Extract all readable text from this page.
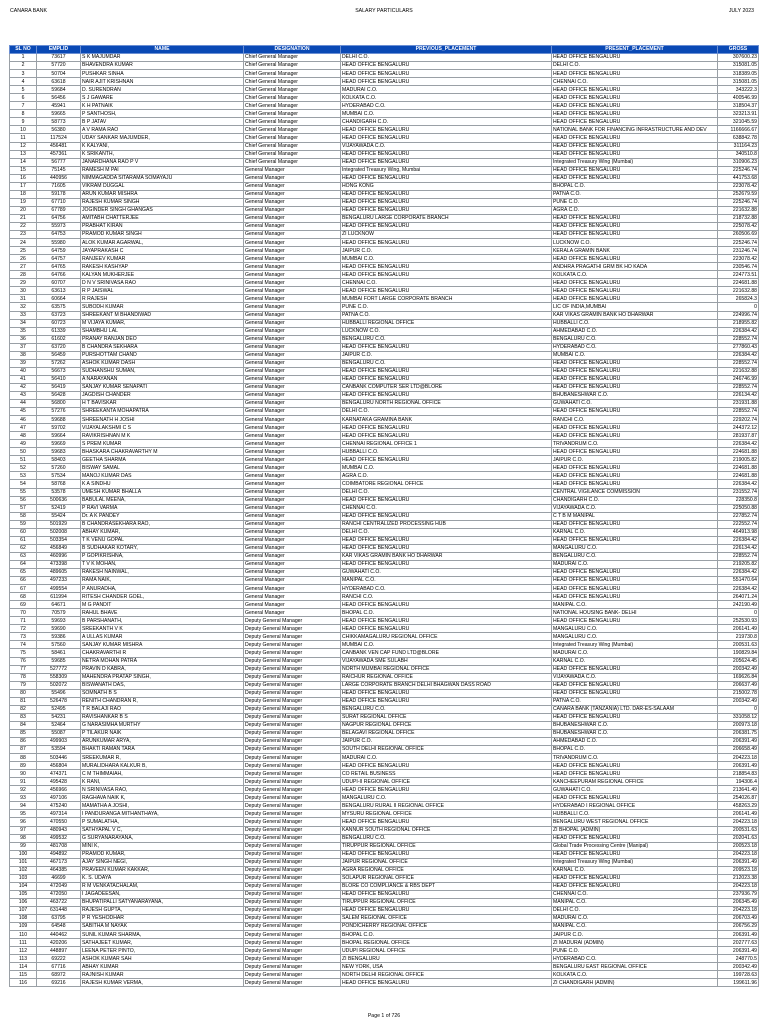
CANARA BANK	SALARY PARTICULARS	JULY 2023
SL NO	EMPLID	NAME	DESIGNATION	PREVIOUS_PLACEMENT	PRESENT_PLACEMENT	GROSS
1	73617	S K MAJUMDAR	Chief General Manager	DELHI C.O.	HEAD OFFICE BENGALURU	307600.23
2	57720	BHAVENDRA KUMAR	Chief General Manager	HEAD OFFICE BENGALURU	DELHI C.O.	315081.05
3	50704	PUSHKAR SINHA	Chief General Manager	HEAD OFFICE BENGALURU	HEAD OFFICE BENGALURU	318389.05
4	63618	NAIR AJIT KRISHNAN	Chief General Manager	HEAD OFFICE BENGALURU	CHENNAI C.O.	315081.05
5	59684	D. SURENDRAN	Chief General Manager	MADURAI C.O.	HEAD OFFICE BENGALURU	343222.3
6	56456	S J GAWARE	Chief General Manager	KOLKATA C.O.	HEAD OFFICE BENGALURU	400546.99
7	45941	K H PATNAIK	Chief General Manager	HYDERABAD C.O.	HEAD OFFICE BENGALURU	318504.37
8	59665	P SANTHOSH,	Chief General Manager	MUMBAI C.O.	HEAD OFFICE BENGALURU	323213.91
9	58773	B P JATAV	Chief General Manager	CHANDIGARH C.O.	HEAD OFFICE BENGALURU	321045.59
10	56380	A V RAMA RAO	Chief General Manager	HEAD OFFICE BENGALURU	NATIONAL BANK FOR FINANCING INFRASTRUCTURE AND DEV	1166666.67
11	117524	UDAY SANKAR MAJUMDER,	Chief General Manager	HEAD OFFICE BENGALURU	HEAD OFFICE BENGALURU	638842.78
12	456481	K KALYANI,	Chief General Manager	VIJAYAWADA C.O.	HEAD OFFICE BENGALURU	311164.23
13	457361	K SRIKANTH,	Chief General Manager	HEAD OFFICE BENGALURU	HEAD OFFICE BENGALURU	340510.8
14	56777	JANARDHANA RAO P V	Chief General Manager	HEAD OFFICE BENGALURU	Integrated Treasury Wing (Mumbai)	310906.23
15	75145	RAMESH M PAI	General Manager	Integrated Treasury Wing, Mumbai	HEAD OFFICE BENGALURU	225246.74
16	440956	NIMMAGADDA SITARAMA SOMAYAJU	General Manager	HEAD OFFICE BENGALURU	HEAD OFFICE BENGALURU	441753.68
17	71605	VIKRAM DUGGAL	General Manager	HONG KONG	BHOPAL C.O.	223078.42
18	59178	ARUN KUMAR MISHRA	General Manager	HEAD OFFICE BENGALURU	PATNA C.O.	252679.59
19	67710	RAJESH KUMAR SINGH	General Manager	HEAD OFFICE BENGALURU	PUNE C.O.	225246.74
20	67789	JOGINDER SINGH GHANGAS	General Manager	HEAD OFFICE BENGALURU	AGRA C.O.	221632.88
21	64756	AMITABH CHATTERJEE	General Manager	BENGALURU LARGE CORPORATE BRANCH	HEAD OFFICE BENGALURU	218732.88
22	55973	PRABHAT KIRAN	General Manager	HEAD OFFICE BENGALURU	HEAD OFFICE BENGALURU	225078.42
23	64753	PRAMOD KUMAR SINGH	General Manager	ZI LUCKNOW	HEAD OFFICE BENGALURU	260506.69
24	55980	ALOK KUMAR AGARWAL,	General Manager	HEAD OFFICE BENGALURU	LUCKNOW C.O.	225246.74
25	64759	JAYAPRAKASH C	General Manager	JAIPUR C.O.	KERALA GRAMIN BANK	231246.74
26	64757	RANJEEV KUMAR	General Manager	MUMBAI C.O.	HEAD OFFICE BENGALURU	223078.42
27	64765	RAKESH KASHYAP	General Manager	HEAD OFFICE BENGALURU	ANDHRA PRAGATHI GRM BK HO KADA	230546.74
28	64766	KALYAN MUKHERJEE	General Manager	HEAD OFFICE BENGALURU	KOLKATA C.O.	224773.51
29	60707	D N V SRINIVASA RAO	General Manager	CHENNAI C.O.	HEAD OFFICE BENGALURU	224681.88
30	63613	R P JAISWAL	General Manager	HEAD OFFICE BENGALURU	HEAD OFFICE BENGALURU	221632.88
31	60664	R RAJESH	General Manager	MUMBAI FORT LARGE CORPORATE BRANCH	HEAD OFFICE BENGALURU	265824.3
32	63575	SUBODH KUMAR	General Manager	PUNE C.O.	LIC OF INDIA,MUMBAI	0
33	63723	SHREEKANT M BHANDIWAD	General Manager	PATNA C.O.	KAR VIKAS GRAMIN BANK HO DHARWAR	224996.74
34	60723	M VIJAYA KUMAR,	General Manager	HUBBALLI REGIONAL OFFICE	HUBBALLI C.O.	218955.82
35	61339	SHAMBHU LAL	General Manager	LUCKNOW C.O.	AHMEDABAD C.O.	226384.42
36	61602	PRANAY RANJAN DEO	General Manager	BENGALURU C.O.	BENGALURU C.O.	228552.74
37	63720	B CHANDRA SEKHARA	General Manager	HEAD OFFICE BENGALURU	HYDERABAD C.O.	277860.43
38	56459	PURSHOTTAM CHAND	General Manager	JAIPUR C.O.	MUMBAI C.O.	226384.42
39	57262	ASHOK KUMAR DASH	General Manager	BENGALURU C.O.	HEAD OFFICE BENGALURU	228552.74
40	56673	SUDHANSHU SUMAN,	General Manager	HEAD OFFICE BENGALURU	HEAD OFFICE BENGALURU	221632.88
41	56410	A NARAYANAN	General Manager	HEAD OFFICE BENGALURU	HEAD OFFICE BENGALURU	246746.99
42	56419	SANJAY KUMAR SENAPATI	General Manager	CANBANK COMPUTER SER LTD@BLORE	HEAD OFFICE BENGALURU	228552.74
43	56428	JAGDISH CHANDER	General Manager	HEAD OFFICE BENGALURU	BHUBANESHWAR C.O.	226134.42
44	56800	H T BAVISKAR	General Manager	BENGALURU NORTH REGIONAL OFFICE	GUWAHATI C.O.	231931.88
45	57276	SHREEKANTA MOHAPATRA	General Manager	DELHI C.O.	HEAD OFFICE BENGALURU	228552.74
46	59688	SHREENATH H JOSHI	General Manager	KARNATAKA GRAMINA BANK	RANCHI C.O.	229202.74
47	59702	VIJAYALAKSHMI C S	General Manager	HEAD OFFICE BENGALURU	HEAD OFFICE BENGALURU	244372.12
48	59664	RAVIKRISHNAN M K	General Manager	HEAD OFFICE BENGALURU	HEAD OFFICE BENGALURU	281937.87
49	59669	S PREM KUMAR	General Manager	CHENNAI REGIONAL OFFICE 1	TRIVANDRUM C.O.	226384.42
50	59683	BHASKARA CHAKRAVARTHY M	General Manager	HUBBALLI C.O.	HEAD OFFICE BENGALURU	224681.88
51	58403	GEETHA SHARMA	General Manager	HEAD OFFICE BENGALURU	JAIPUR C.O.	219005.82
52	57260	BISWAY SAMAL	General Manager	MUMBAI C.O.	HEAD OFFICE BENGALURU	224681.88
53	57534	MANOJ KUMAR DAS	General Manager	AGRA C.O.	HEAD OFFICE BENGALURU	224681.88
54	58768	K A SINDHU	General Manager	COIMBATORE REGIONAL OFFICE	HEAD OFFICE BENGALURU	226384.42
55	53578	UMESH KUMAR BHALLA	General Manager	DELHI C.O.	CENTRAL VIGILANCE COMMISSION	231552.74
56	500636	BABULAL MEENA,	General Manager	HEAD OFFICE BENGALURU	CHANDIGARH C.O.	228350.8
57	52419	P RAVI VARMA	General Manager	CHENNAI C.O.	VIJAYAWADA C.O.	225050.88
58	55424	Dr. A K PANDEY	General Manager	HEAD OFFICE BENGALURU	C T B M MANIPAL	227852.74
59	501929	B CHANDRASEKHARA RAO,	General Manager	RANCHI CENTRALIZED PROCESSING HUB	HEAD OFFICE BENGALURU	222552.74
60	502008	ABHAY KUMAR,	General Manager	DELHI C.O.	KARNAL C.O.	464913.98
61	503354	T K VENU GOPAL	General Manager	HEAD OFFICE BENGALURU	HEAD OFFICE BENGALURU	226384.42
62	456849	B SUDHAKAR KOTARY,	General Manager	HEAD OFFICE BENGALURU	MANGALURU C.O.	226134.42
63	460996	P GOPIKRISHNA,	General Manager	KAR VIKAS GRAMIN BANK HO DHARWAR	BENGALURU C.O.	228552.74
64	473398	T V K MOHAN,	General Manager	HEAD OFFICE BENGALURU	MADURAI C.O.	219205.82
65	489605	RAKESH NAINWAL,	General Manager	GUWAHATI C.O.	HEAD OFFICE BENGALURU	226384.42
66	497233	RAMA NAIK,	General Manager	MANIPAL C.O.	HEAD OFFICE BENGALURU	551470.64
67	499554	P ANURADHA,	General Manager	HYDERABAD C.O.	HEAD OFFICE BENGALURU	226384.42
68	611994	RITESH CHANDER GOEL,	General Manager	RANCHI C.O.	HEAD OFFICE BENGALURU	264071.24
69	64671	M G PANDIT	General Manager	HEAD OFFICE BENGALURU	MANIPAL C.O.	242190.49
70	70579	RAHUL BHAVE	General Manager	BHOPAL C.O.	NATIONAL HOUSING BANK- DELHI	0
71	59693	B PARSHANATH,	Deputy General Manager	HEAD OFFICE BENGALURU	HEAD OFFICE BENGALURU	252530.93
72	59690	SREEKANTH V K	Deputy General Manager	HEAD OFFICE BENGALURU	MANGALURU C.O.	206141.49
73	59386	A ULLAS KUMAR	Deputy General Manager	CHIKKAMAGALURU REGIONAL OFFICE	MANGALURU C.O.	219730.8
74	57560	SANJAY KUMAR MISHRA	Deputy General Manager	MUMBAI C.O.	Integrated Treasury Wing (Mumbai)	200531.63
75	58461	CHAKRAVARTHI R	Deputy General Manager	CANBANK VEN CAP FUND LTD@BLORE	MADURAI C.O.	190829.84
76	59685	NETRA MOHAN PATRA	Deputy General Manager	VIJAYAWADA SME SULABH	KARNAL C.O.	205624.45
77	527772	PRAVIN D KABRA,	Deputy General Manager	NORTH MUMBAI REGIONAL OFFICE	HEAD OFFICE BENGALURU	200342.49
78	558309	MAHENDRA PRATAP SINGH,	Deputy General Manager	RAICHUR REGIONAL OFFICE	VIJAYAWADA C.O.	169626.84
79	502072	BISWANATH DAS,	Deputy General Manager	LARGE CORPORATE BRANCH DELHI BHAGWAN DASS ROAD	HEAD OFFICE BENGALURU	206637.49
80	55496	SOMNATH B S	Deputy General Manager	HEAD OFFICE BENGALURU	HEAD OFFICE BENGALURU	215002.78
81	526478	RENITH CHANDRAN R,	Deputy General Manager	HEAD OFFICE BENGALURU	PATNA C.O.	200342.49
82	52495	T R BALAJI RAO	Deputy General Manager	BENGALURU C.O.	CANARA BANK (TANZANIA) LTD. DAR-ES-SALAAM	0
83	54231	RAVISHANKAR B S	Deputy General Manager	SURAT REGIONAL OFFICE	HEAD OFFICE BENGALURU	331058.12
84	52464	G NARASIMHA MURTHY	Deputy General Manager	NAGPUR REGIONAL OFFICE	BHUBANESHWAR C.O.	200973.18
85	55087	P TILAKUR NAIK	Deputy General Manager	BELAGAVI REGIONAL OFFICE	BHUBANESHWAR C.O.	206381.75
86	499903	ARUNKUMAR ARYA,	Deputy General Manager	JAIPUR C.O.	AHMEDABAD C.O.	206391.49
87	53594	BHAKTI RAMAN TARA	Deputy General Manager	SOUTH DELHI REGIONAL OFFICE	BHOPAL C.O.	206658.49
88	503446	SREEKUMAR R,	Deputy General Manager	MADURAI C.O.	TRIVANDRUM C.O.	204223.18
89	456804	MURALIDHARA KALKUR B,	Deputy General Manager	HEAD OFFICE BENGALURU	HEAD OFFICE BENGALURU	206391.49
90	474371	C M THIMMAIAH,	Deputy General Manager	CO RETAIL BUSINESS	HEAD OFFICE BENGALURU	218854.83
91	495428	K RANI,	Deputy General Manager	UDUPI-II REGIONAL OFFICE	KANCHEEPURAM REGIONAL OFFICE	194306.4
92	456966	N SRINIVASA RAO,	Deputy General Manager	HEAD OFFICE BENGALURU	GUWAHATI C.O.	213641.49
93	497106	RAGHAVA NAIK K,	Deputy General Manager	MANGALURU C.O.	HEAD OFFICE BENGALURU	254026.87
94	475240	MAMATHA A JOSHI,	Deputy General Manager	BENGALURU RURAL II REGIONAL OFFICE	HYDERABAD I REGIONAL OFFICE	458263.29
95	497314	I PANDURANGA MITHANTHAYA,	Deputy General Manager	MYSURU REGIONAL OFFICE	HUBBALLI C.O.	206141.49
96	470550	P SUMALATHA,	Deputy General Manager	HEAD OFFICE BENGALURU	BENGALURU WEST REGIONAL OFFICE	204223.18
97	480943	SATHYAPAL V C,	Deputy General Manager	KANNUR SOUTH REGIONAL OFFICE	ZI BHOPAL (ADMIN)	200531.63
98	499532	G SURYANARAYANA,	Deputy General Manager	BENGALURU C.O.	HEAD OFFICE BENGALURU	202041.63
99	481708	MINI K,	Deputy General Manager	TIRUPPUR REGIONAL OFFICE	Global Trade Processing Centre (Manipal)	200523.18
100	494892	PRAMOD KUMAR,	Deputy General Manager	HEAD OFFICE BENGALURU	HEAD OFFICE BENGALURU	204223.18
101	467173	AJAY SINGH NEGI,	Deputy General Manager	JAIPUR REGIONAL OFFICE	Integrated Treasury Wing (Mumbai)	206391.49
102	464385	PRAVEEN KUMAR KAKKAR,	Deputy General Manager	AGRA REGIONAL OFFICE	KARNAL C.O.	209523.18
103	46699	K. S. UDAYA	Deputy General Manager	SOLAPUR REGIONAL OFFICE	HEAD OFFICE BENGALURU	212023.38
104	472049	R M VENKATACHALAM,	Deputy General Manager	BLORE CO COMPLIANCE & RBS DEPT	HEAD OFFICE BENGALURU	204223.18
105	472050	I JAGADEESAN,	Deputy General Manager	HEAD OFFICE BENGALURU	CHENNAI C.O.	237936.79
106	463722	BHUPATIPALLI SATYANARAYANA,	Deputy General Manager	TIRUPPUR REGIONAL OFFICE	MANIPAL C.O.	206345.49
107	631448	RAJESH GUPTA,	Deputy General Manager	HEAD OFFICE BENGALURU	DELHI C.O.	204223.18
108	63795	P R YESHODHAR	Deputy General Manager	SALEM REGIONAL OFFICE	MADURAI C.O.	206703.49
109	64548	SABITHA M NAYAK	Deputy General Manager	PONDICHERRY REGIONAL OFFICE	MANIPAL C.O.	206756.29
110	440462	SUNIL KUMAR SHARMA,	Deputy General Manager	BHOPAL C.O.	JAIPUR C.O.	206391.49
111	420206	SATHAJEET KUMAR,	Deputy General Manager	BHOPAL REGIONAL OFFICE	ZI MADURAI (ADMIN)	202777.63
112	448897	LEENA PETER PINTO,	Deputy General Manager	UDUPI REGIONAL OFFICE	PUNE C.O.	206391.49
113	69222	ASHOK KUMAR SAH	Deputy General Manager	ZI BENGALURU	HYDERABAD C.O.	248770.5
114	67716	ABHAY KUMAR	Deputy General Manager	NEW YORK, USA	BENGALURU EAST REGIONAL OFFICE	200342.49
115	68972	RAJNISH KUMAR	Deputy General Manager	NORTH DELHI REGIONAL OFFICE	KOLKATA C.O.	199728.63
116	69216	RAJESH KUMAR VERMA,	Deputy General Manager	HEAD OFFICE BENGALURU	ZI CHANDIGARH (ADMIN)	199611.96
Page 1 of 726
